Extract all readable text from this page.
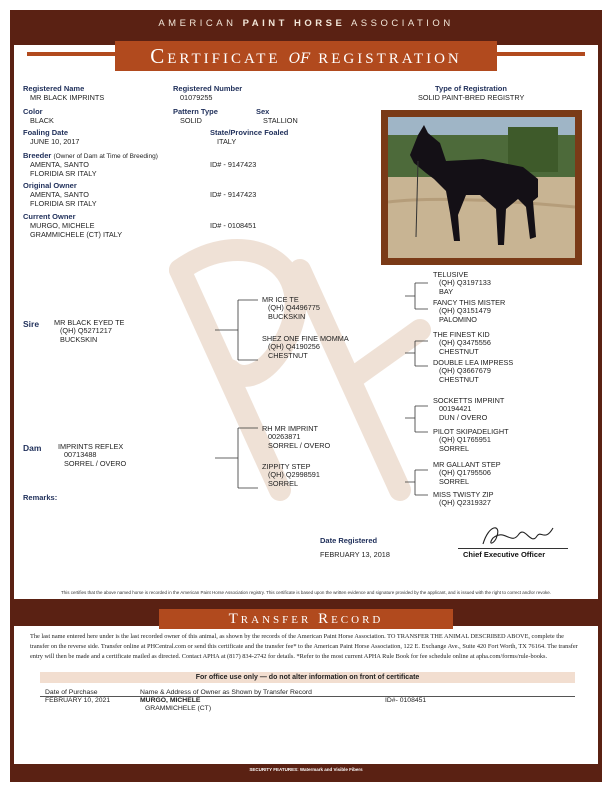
AMERICAN PAINT HORSE ASSOCIATION
Certificate of registration
Registered Name
MR BLACK IMPRINTS
Registered Number
01079255
Type of Registration
SOLID PAINT-BRED REGISTRY
Color
BLACK
Pattern Type
SOLID
Sex
STALLION
Foaling Date
JUNE 10, 2017
State/Province Foaled
ITALY
Breeder (Owner of Dam at Time of Breeding)
AMENTA, SANTO
FLORIDIA SR ITALY
ID# - 9147423
Original Owner
AMENTA, SANTO
FLORIDIA SR ITALY
ID# - 9147423
Current Owner
MURGO, MICHELE
GRAMMICHELE (CT) ITALY
ID# - 0108451
Sire MR BLACK EYED TE
(QH) Q5271217
BUCKSKIN
Dam IMPRINTS REFLEX
00713488
SORREL / OVERO
MR ICE TE
(QH) Q4496775
BUCKSKIN
SHEZ ONE FINE MOMMA
(QH) Q4190256
CHESTNUT
RH MR IMPRINT
00263871
SORREL / OVERO
ZIPPITY STEP
(QH) Q2998591
SORREL
TELUSIVE
(QH) Q3197133
BAY
FANCY THIS MISTER
(QH) Q3151479
PALOMINO
THE FINEST KID
(QH) Q3475556
CHESTNUT
DOUBLE LEA IMPRESS
(QH) Q3667679
CHESTNUT
SOCKETTS IMPRINT
00194421
DUN / OVERO
PILOT SKIPADELIGHT
(QH) Q1765951
SORREL
MR GALLANT STEP
(QH) Q1795506
SORREL
MISS TWISTY ZIP
(QH) Q2319327
Remarks:
Date Registered
FEBRUARY 13, 2018	Chief Executive Officer
This certifies that the above named horse is recorded in the American Paint Horse Association registry. This certificate is based upon the written evidence and signature provided by the applicant, and is issued with the right to correct and/or revoke.
Transfer Record
The last name entered here under is the last recorded owner of this animal, as shown by the records of the American Paint Horse Association. TO TRANSFER THE ANIMAL DESCRIBED ABOVE, complete the transfer on the reverse side. Transfer online at PHCentral.com or send this certificate and the transfer fee* to the American Paint Horse Association, 122 E. Exchange Ave., Suite 420 Fort Worth, TX 76164. The transfer entry will then be made and a certificate mailed as directed. Contact APHA at (817) 834-2742 for details. *Refer to the most current APHA Rule Book for fee schedule online at apha.com/forms/rule-books.
For office use only — do not alter information on front of certificate
Date of Purchase	Name & Address of Owner as Shown by Transfer Record
FEBRUARY 10, 2021	MURGO, MICHELE
GRAMMICHELE (CT)
ID#- 0108451
SECURITY FEATURES: Watermark and Visible Fibers
